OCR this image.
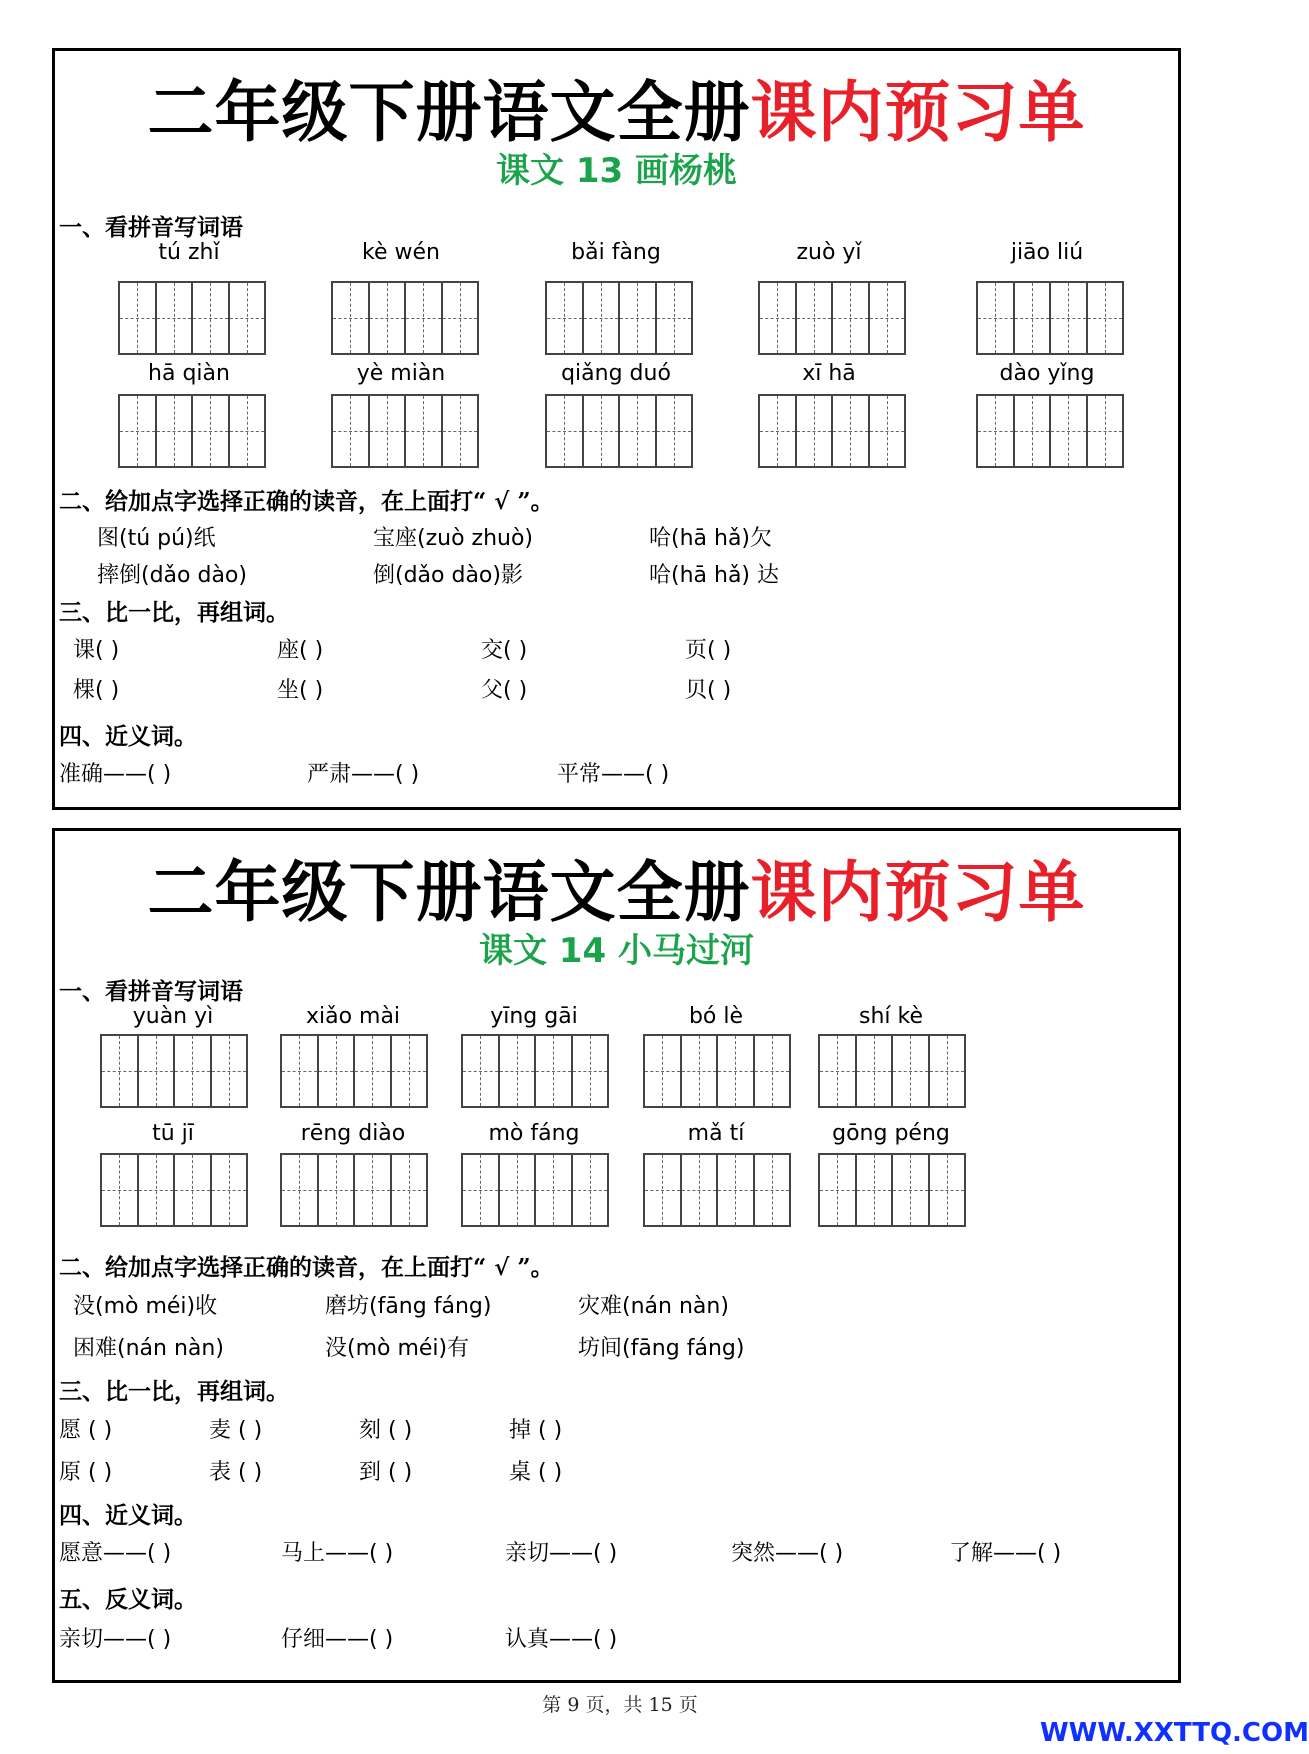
二年级下册语文全册课内预习单
课文 13 画杨桃
一、看拼音写词语
tú zhǐ	kè wén	bǎi fàng	zuò yǐ	jiāo liú
hā qiàn	yè miàn	qiǎng duó	xī hā	dào yǐng
二、给加点字选择正确的读音，在上面打“ √ ”。
图(tú pú)纸	宝座(zuò zhuò)	哈(hā hǎ)欠
摔倒(dǎo dào)	倒(dǎo dào)影	哈(hā hǎ) 达
三、比一比，再组词。
课( )	座( )	交( )	页( )
棵( )	坐( )	父( )	贝( )
四、近义词。
准确——( )	严肃——( )	平常——( )
二年级下册语文全册课内预习单
课文 14 小马过河
一、看拼音写词语
yuàn yì	xiǎo mài	yīng gāi	bó lè	shí kè
tū jī	rēng diào	mò fáng	mǎ tí	gōng péng
二、给加点字选择正确的读音，在上面打“ √ ”。
没(mò méi)收	磨坊(fāng fáng)	灾难(nán nàn)
困难(nán nàn)	没(mò méi)有	坊间(fāng fáng)
三、比一比，再组词。
愿 ( )	麦 ( )	刻 ( )	掉 ( )
原 ( )	表 ( )	到 ( )	桌 ( )
四、近义词。
愿意——( )	马上——( )	亲切——( )	突然——( )	了解——( )
五、反义词。
亲切——( )	仔细——( )	认真——( )
第 9 页，共 15 页
WWW.XXTTQ.COM
